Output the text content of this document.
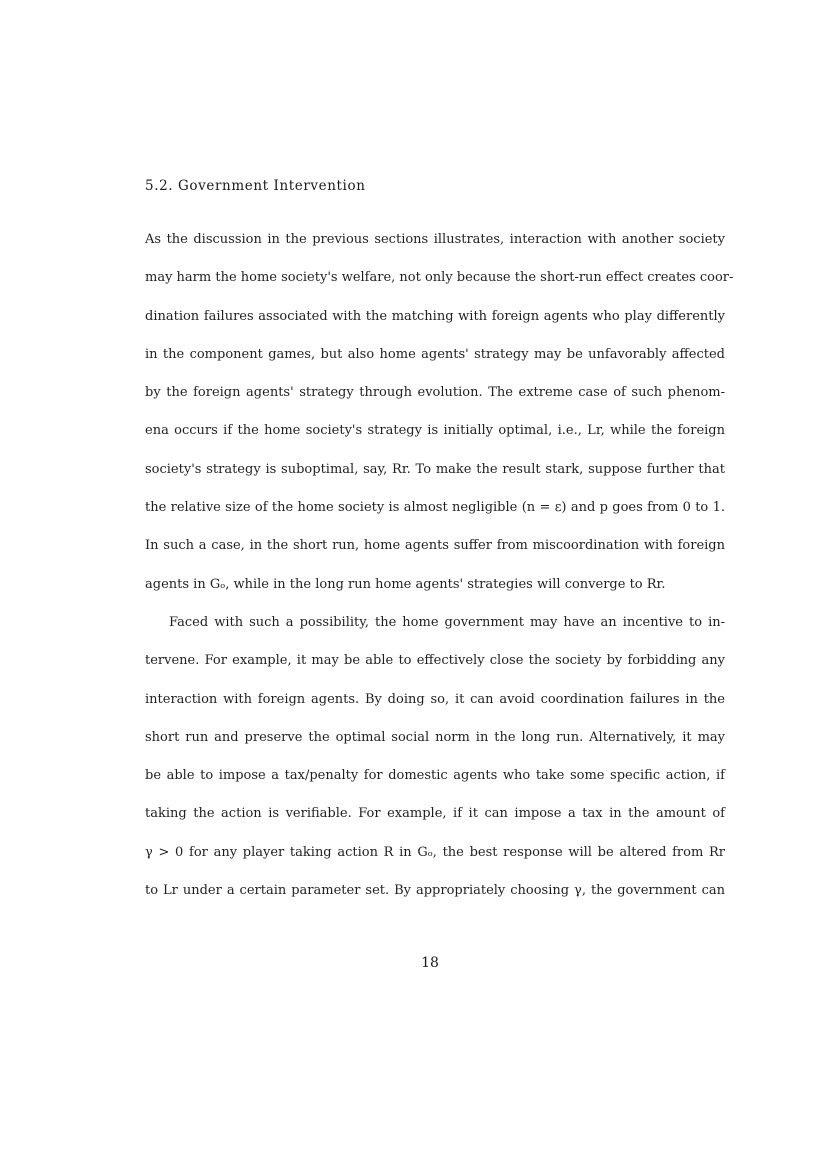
5.2. Government Intervention

As the discussion in the previous sections illustrates, interaction with another society
may harm the home society's welfare, not only because the short-run effect creates coor-
dination failures associated with the matching with foreign agents who play differently
in the component games, but also home agents' strategy may be unfavorably affected
by the foreign agents' strategy through evolution. The extreme case of such phenom-
ena occurs if the home society's strategy is initially optimal, i.e., Lr, while the foreign
society's strategy is suboptimal, say, Rr. To make the result stark, suppose further that
the relative size of the home society is almost negligible (n = ε) and p goes from 0 to 1.
In such a case, in the short run, home agents suffer from miscoordination with foreign
agents in Gₒ, while in the long run home agents' strategies will converge to Rr.

Faced with such a possibility, the home government may have an incentive to in-
tervene. For example, it may be able to effectively close the society by forbidding any
interaction with foreign agents. By doing so, it can avoid coordination failures in the
short run and preserve the optimal social norm in the long run. Alternatively, it may
be able to impose a tax/penalty for domestic agents who take some specific action, if
taking the action is verifiable. For example, if it can impose a tax in the amount of
γ > 0 for any player taking action R in Gₒ, the best response will be altered from Rr
to Lr under a certain parameter set. By appropriately choosing γ, the government can

18
